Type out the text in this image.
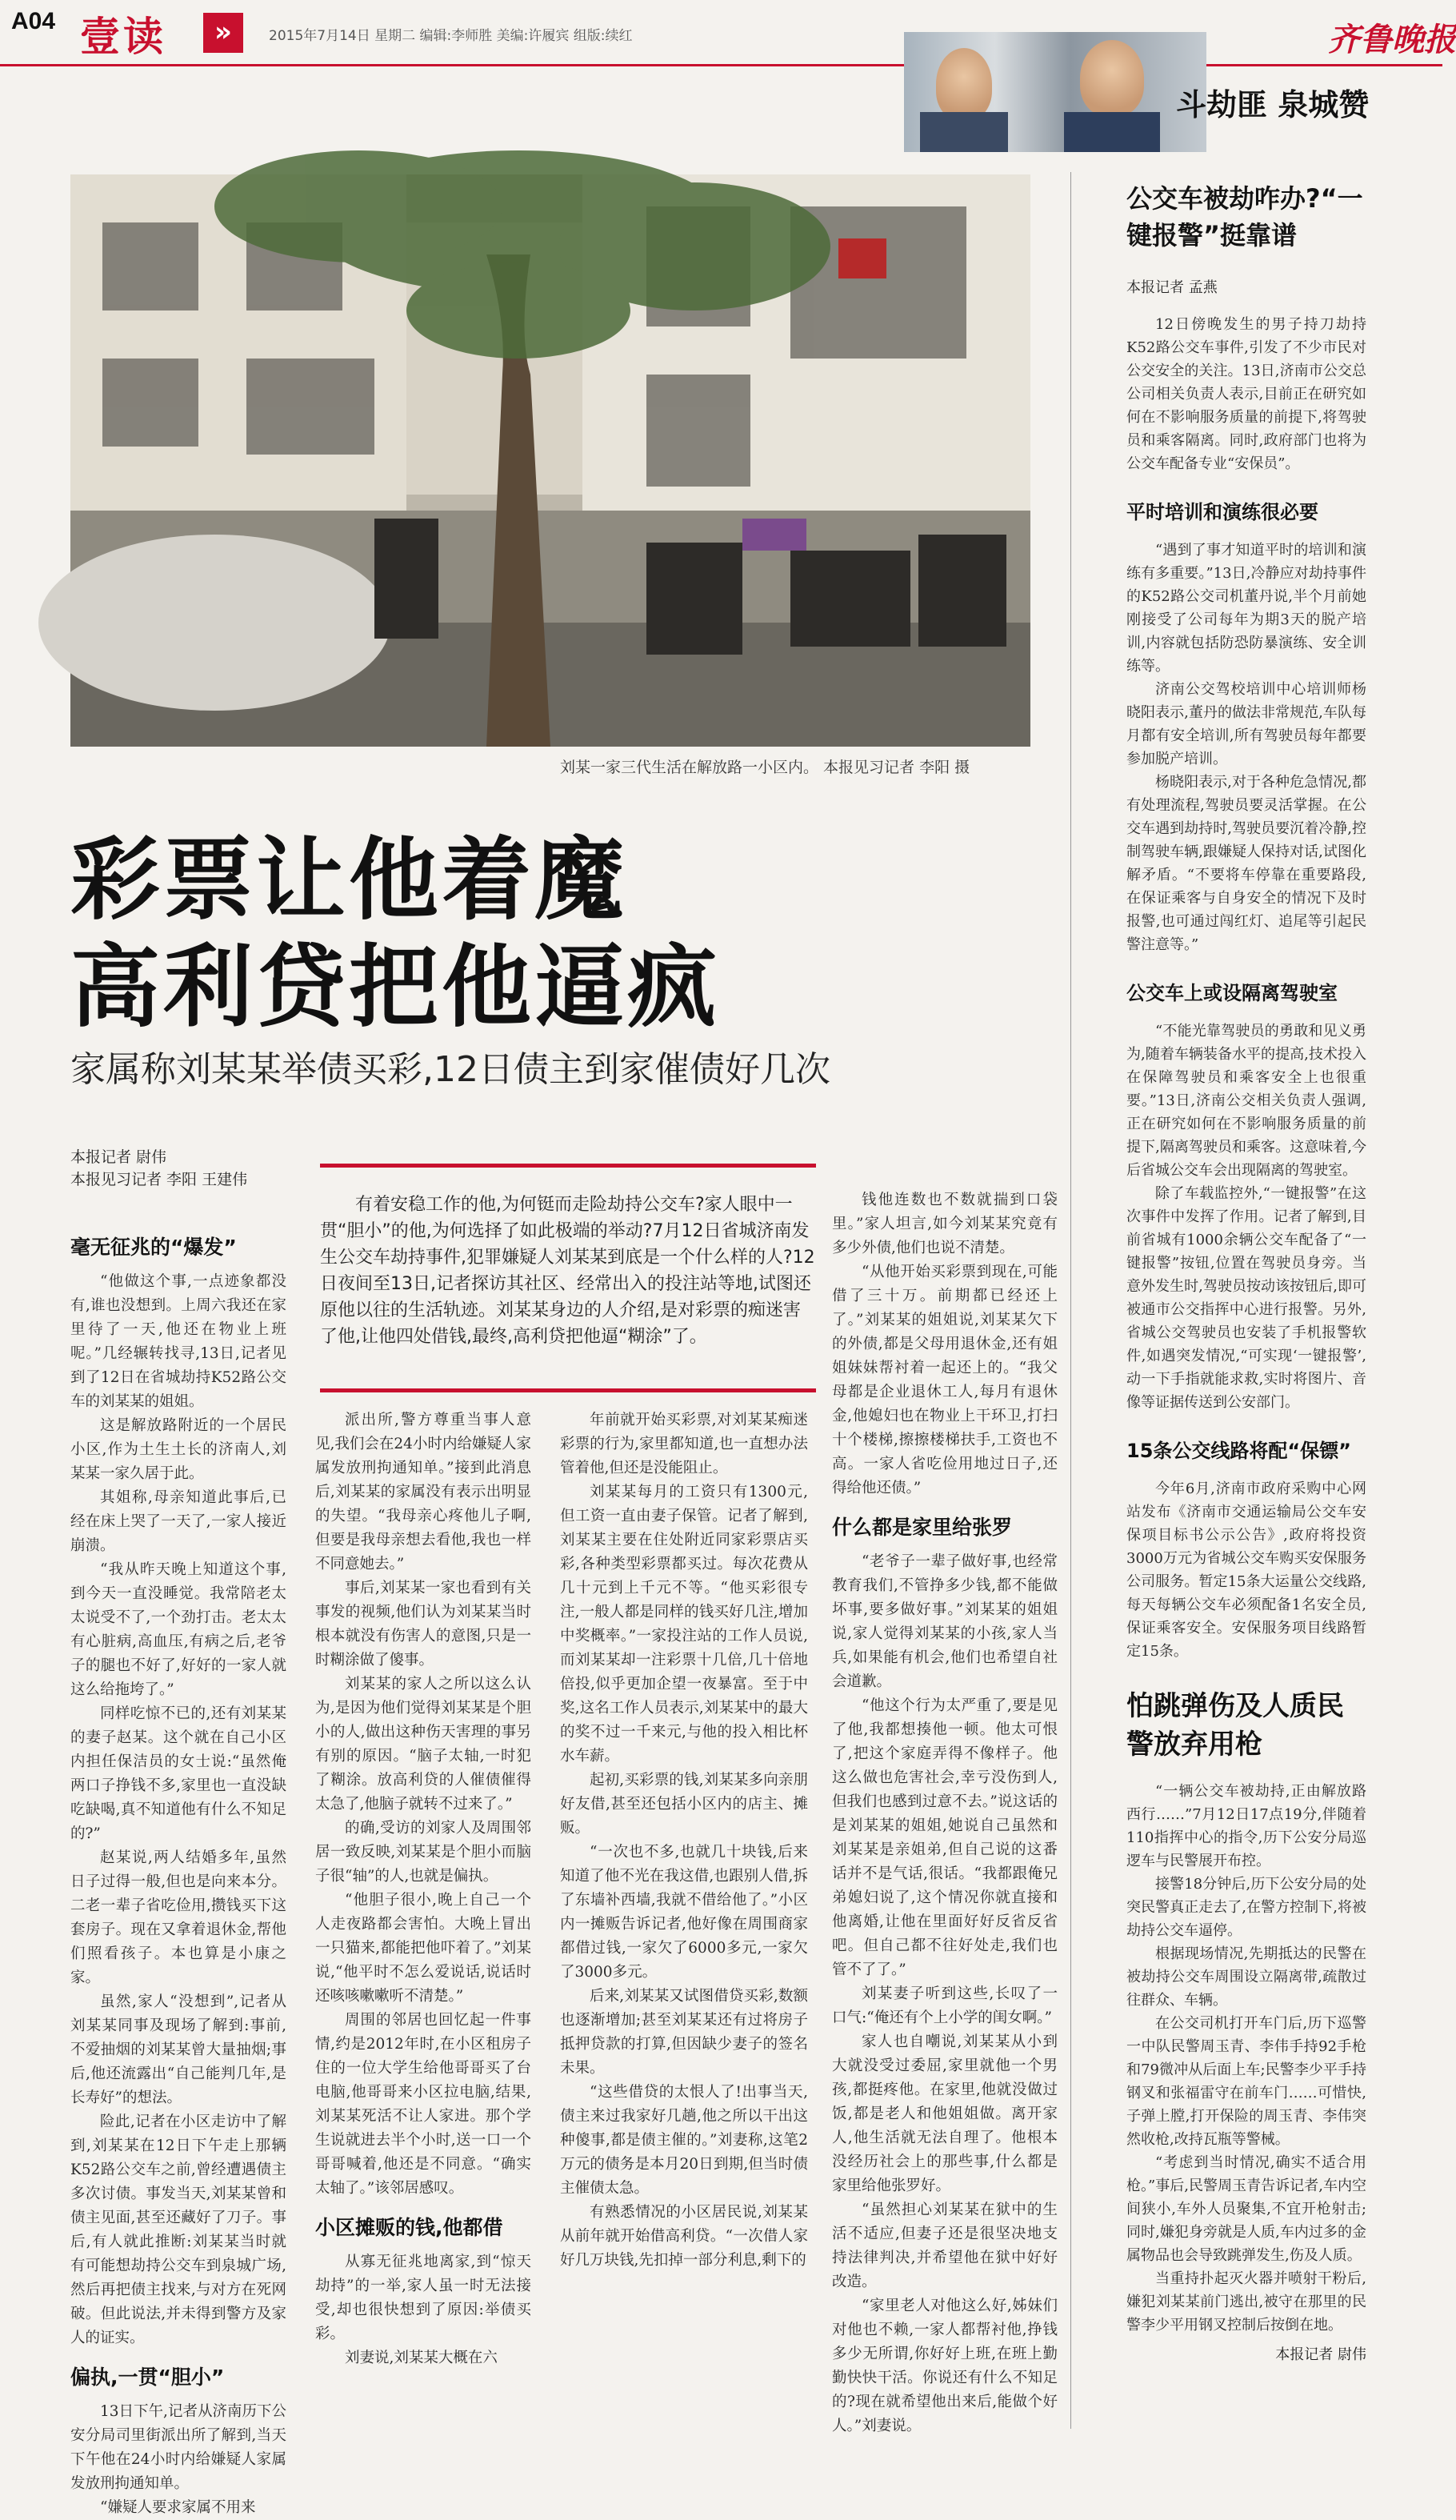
A04 壹读	»	2015年7月14日 星期二 编辑:李师胜 美编:许履宾 组版:续红	齐鲁晚报
斗劫匪 泉城赞
刘某一家三代生活在解放路一小区内。 本报见习记者 李阳 摄
彩票让他着魔
高利贷把他逼疯
家属称刘某某举债买彩,12日债主到家催债好几次
本报记者 尉伟
本报见习记者 李阳 王建伟
有着安稳工作的他,为何铤而走险劫持公交车?家人眼中一贯“胆小”的他,为何选择了如此极端的举动?7月12日省城济南发生公交车劫持事件,犯罪嫌疑人刘某某到底是一个什么样的人?12日夜间至13日,记者探访其社区、经常出入的投注站等地,试图还原他以往的生活轨迹。刘某某身边的人介绍,是对彩票的痴迷害了他,让他四处借钱,最终,高利贷把他逼“糊涂”了。
毫无征兆的“爆发”

“他做这个事,一点迹象都没有,谁也没想到。上周六我还在家里待了一天,他还在物业上班呢。”几经辗转找寻,13日,记者见到了12日在省城劫持K52路公交车的刘某某的姐姐。

这是解放路附近的一个居民小区,作为土生土长的济南人,刘某某一家久居于此。

其姐称,母亲知道此事后,已经在床上哭了一天了,一家人接近崩溃。

“我从昨天晚上知道这个事,到今天一直没睡觉。我常陪老太太说受不了,一个劲打击。老太太有心脏病,高血压,有病之后,老爷子的腿也不好了,好好的一家人就这么给拖垮了。”

同样吃惊不已的,还有刘某某的妻子赵某。这个就在自己小区内担任保洁员的女士说:“虽然俺两口子挣钱不多,家里也一直没缺吃缺喝,真不知道他有什么不知足的?”

赵某说,两人结婚多年,虽然日子过得一般,但也是向来本分。二老一辈子省吃俭用,攒钱买下这套房子。现在又拿着退休金,帮他们照看孩子。本也算是小康之家。

虽然,家人“没想到”,记者从刘某某同事及现场了解到:事前,不爱抽烟的刘某某曾大量抽烟;事后,他还流露出“自己能判几年,是长寿好”的想法。

险此,记者在小区走访中了解到,刘某某在12日下午走上那辆K52路公交车之前,曾经遭遇债主多次讨债。事发当天,刘某某曾和债主见面,甚至还藏好了刀子。事后,有人就此推断:刘某某当时就有可能想劫持公交车到泉城广场,然后再把债主找来,与对方在死网破。但此说法,并未得到警方及家人的证实。

偏执,一贯“胆小”

13日下午,记者从济南历下公安分局司里街派出所了解到,当天下午他在24小时内给嫌疑人家属发放刑拘通知单。

“嫌疑人要求家属不用来

派出所,警方尊重当事人意见,我们会在24小时内给嫌疑人家属发放刑拘通知单。”接到此消息后,刘某某的家属没有表示出明显的失望。“我母亲心疼他儿子啊,但要是我母亲想去看他,我也一样不同意她去。”

事后,刘某某一家也看到有关事发的视频,他们认为刘某某当时根本就没有伤害人的意图,只是一时糊涂做了傻事。

刘某某的家人之所以这么认为,是因为他们觉得刘某某是个胆小的人,做出这种伤天害理的事另有别的原因。“脑子太轴,一时犯了糊涂。放高利贷的人催债催得太急了,他脑子就转不过来了。”

的确,受访的刘家人及周围邻居一致反映,刘某某是个胆小而脑子很“轴”的人,也就是偏执。

“他胆子很小,晚上自己一个人走夜路都会害怕。大晚上冒出一只猫来,都能把他吓着了。”刘某说,“他平时不怎么爱说话,说话时还咳咳嗽嗽听不清楚。”

周围的邻居也回忆起一件事情,约是2012年时,在小区租房子住的一位大学生给他哥哥买了台电脑,他哥哥来小区拉电脑,结果,刘某某死活不让人家进。那个学生说就进去半个小时,送一口一个哥哥喊着,他还是不同意。“确实太轴了。”该邻居感叹。

小区摊贩的钱,他都借

从寡无征兆地离家,到“惊天劫持”的一举,家人虽一时无法接受,却也很快想到了原因:举债买彩。

刘妻说,刘某某大概在六

年前就开始买彩票,对刘某某痴迷彩票的行为,家里都知道,也一直想办法管着他,但还是没能阻止。

刘某某每月的工资只有1300元,但工资一直由妻子保管。记者了解到,刘某某主要在住处附近同家彩票店买彩,各种类型彩票都买过。每次花费从几十元到上千元不等。“他买彩很专注,一般人都是同样的钱买好几注,增加中奖概率。”一家投注站的工作人员说,而刘某某却一注彩票十几倍,几十倍地倍投,似乎更加企望一夜暴富。至于中奖,这名工作人员表示,刘某某中的最大的奖不过一千来元,与他的投入相比杯水车薪。

起初,买彩票的钱,刘某某多向亲朋好友借,甚至还包括小区内的店主、摊贩。

“一次也不多,也就几十块钱,后来知道了他不光在我这借,也跟别人借,拆了东墙补西墙,我就不借给他了。”小区内一摊贩告诉记者,他好像在周围商家都借过钱,一家欠了6000多元,一家欠了3000多元。

后来,刘某某又试图借贷买彩,数额也逐渐增加;甚至刘某某还有过将房子抵押贷款的打算,但因缺少妻子的签名未果。

“这些借贷的太恨人了!出事当天,债主来过我家好几趟,他之所以干出这种傻事,都是债主催的。”刘妻称,这笔2万元的债务是本月20日到期,但当时债主催债太急。

有熟悉情况的小区居民说,刘某某从前年就开始借高利贷。“一次借人家好几万块钱,先扣掉一部分利息,剩下的

钱他连数也不数就揣到口袋里。”家人坦言,如今刘某某究竟有多少外债,他们也说不清楚。

“从他开始买彩票到现在,可能借了三十万。前期都已经还上了。”刘某某的姐姐说,刘某某欠下的外债,都是父母用退休金,还有姐姐妹妹帮衬着一起还上的。“我父母都是企业退休工人,每月有退休金,他媳妇也在物业上干环卫,打扫十个楼梯,擦擦楼梯扶手,工资也不高。一家人省吃俭用地过日子,还得给他还债。”

什么都是家里给张罗

“老爷子一辈子做好事,也经常教育我们,不管挣多少钱,都不能做坏事,要多做好事。”刘某某的姐姐说,家人觉得刘某某的小孩,家人当兵,如果能有机会,他们也希望自社会道歉。

“他这个行为太严重了,要是见了他,我都想揍他一顿。他太可恨了,把这个家庭弄得不像样子。他这么做也危害社会,幸亏没伤到人,但我们也感到过意不去。”说这话的是刘某某的姐姐,她说自己虽然和刘某某是亲姐弟,但自己说的这番话并不是气话,很话。“我都跟俺兄弟媳妇说了,这个情况你就直接和他离婚,让他在里面好好反省反省吧。但自己都不往好处走,我们也管不了了。”

刘某妻子听到这些,长叹了一口气:“俺还有个上小学的闺女啊。”

家人也自嘲说,刘某某从小到大就没受过委屈,家里就他一个男孩,都挺疼他。在家里,他就没做过饭,都是老人和他姐姐做。离开家人,他生活就无法自理了。他根本没经历社会上的那些事,什么都是家里给他张罗好。

“虽然担心刘某某在狱中的生活不适应,但妻子还是很坚决地支持法律判决,并希望他在狱中好好改造。

“家里老人对他这么好,姊妹们对他也不赖,一家人都帮衬他,挣钱多少无所谓,你好好上班,在班上勤勤快快干活。你说还有什么不知足的?现在就希望他出来后,能做个好人。”刘妻说。

公交车被劫咋办?“一键报警”挺靠谱
本报记者 孟燕

12日傍晚发生的男子持刀劫持K52路公交车事件,引发了不少市民对公交安全的关注。13日,济南市公交总公司相关负责人表示,目前正在研究如何在不影响服务质量的前提下,将驾驶员和乘客隔离。同时,政府部门也将为公交车配备专业“安保员”。

平时培训和演练很必要

“遇到了事才知道平时的培训和演练有多重要。”13日,冷静应对劫持事件的K52路公交司机董丹说,半个月前她刚接受了公司每年为期3天的脱产培训,内容就包括防恐防暴演练、安全训练等。

济南公交驾校培训中心培训师杨晓阳表示,董丹的做法非常规范,车队每月都有安全培训,所有驾驶员每年都要参加脱产培训。

杨晓阳表示,对于各种危急情况,都有处理流程,驾驶员要灵活掌握。在公交车遇到劫持时,驾驶员要沉着冷静,控制驾驶车辆,跟嫌疑人保持对话,试图化解矛盾。“不要将车停靠在重要路段,在保证乘客与自身安全的情况下及时报警,也可通过闯红灯、追尾等引起民警注意等。”

公交车上或设隔离驾驶室

“不能光靠驾驶员的勇敢和见义勇为,随着车辆装备水平的提高,技术投入在保障驾驶员和乘客安全上也很重要。”13日,济南公交相关负责人强调,正在研究如何在不影响服务质量的前提下,隔离驾驶员和乘客。这意味着,今后省城公交车会出现隔离的驾驶室。

除了车载监控外,“一键报警”在这次事件中发挥了作用。记者了解到,目前省城有1000余辆公交车配备了“一键报警”按钮,位置在驾驶员身旁。当意外发生时,驾驶员按动该按钮后,即可被通市公交指挥中心进行报警。另外,省城公交驾驶员也安装了手机报警软件,如遇突发情况,“可实现‘一键报警’,动一下手指就能求救,实时将图片、音像等证据传送到公安部门。

15条公交线路将配“保镖”

今年6月,济南市政府采购中心网站发布《济南市交通运输局公交车安保项目标书公示公告》,政府将投资3000万元为省城公交车购买安保服务公司服务。暂定15条大运量公交线路,每天每辆公交车必须配备1名安全员,保证乘客安全。安保服务项目线路暂定15条。

怕跳弹伤及人质民警放弃用枪

“一辆公交车被劫持,正由解放路西行……”7月12日17点19分,伴随着110指挥中心的指令,历下公安分局巡逻车与民警展开布控。

接警18分钟后,历下公安分局的处突民警真正走去了,在警方控制下,将被劫持公交车逼停。

根据现场情况,先期抵达的民警在被劫持公交车周围设立隔离带,疏散过往群众、车辆。

在公交司机打开车门后,历下巡警一中队民警周玉青、李伟手持92手枪和79微冲从后面上车;民警李少平手持钢叉和张福雷守在前车门……可惜快,子弹上膛,打开保险的周玉青、李伟突然收枪,改持瓦瓶等警械。

“考虑到当时情况,确实不适合用枪。”事后,民警周玉青告诉记者,车内空间狭小,车外人员聚集,不宜开枪射击;同时,嫌犯身旁就是人质,车内过多的金属物品也会导致跳弹发生,伤及人质。

当重持扑起灭火器并喷射干粉后,嫌犯刘某某前门逃出,被守在那里的民警李少平用钢叉控制后按倒在地。

本报记者 尉伟
